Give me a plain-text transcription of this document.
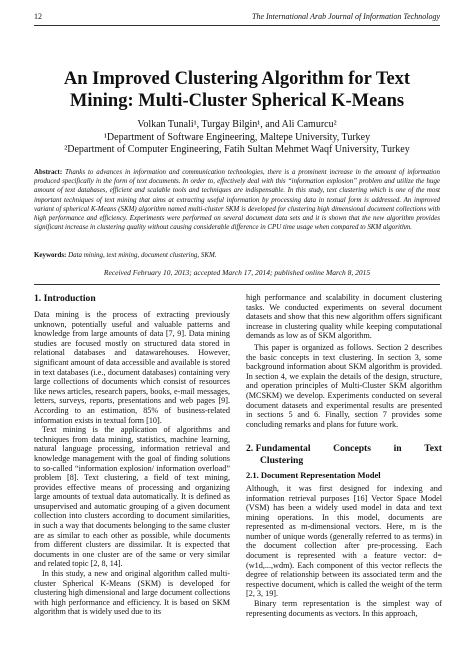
12	The International Arab Journal of Information Technology
An Improved Clustering Algorithm for Text
Mining: Multi-Cluster Spherical K-Means
Volkan Tunali¹, Turgay Bilgin¹, and Ali Camurcu²
¹Department of Software Engineering, Maltepe University, Turkey
²Department of Computer Engineering, Fatih Sultan Mehmet Waqf University, Turkey
Abstract: Thanks to advances in information and communication technologies, there is a prominent increase in the amount of information produced specifically in the form of text documents. In order to, effectively deal with this “information explosion” problem and utilize the huge amount of text databases, efficient and scalable tools and techniques are indispensable. In this study, text clustering which is one of the most important techniques of text mining that aims at extracting useful information by processing data in textual form is addressed. An improved variant of spherical K-Means (SKM) algorithm named multi-cluster SKM is developed for clustering high dimensional document collections with high performance and efficiency. Experiments were performed on several document data sets and it is shown that the new algorithm provides significant increase in clustering quality without causing considerable difference in CPU time usage when compared to SKM algorithm.
Keywords: Data mining, text mining, document clustering, SKM.
Received February 10, 2013; accepted March 17, 2014; published online March 8, 2015
1. Introduction

Data mining is the process of extracting previously unknown, potentially useful and valuable patterns and knowledge from large amounts of data [7, 9]. Data mining studies are focused mostly on structured data stored in relational databases and datawarehouses. However, significant amount of data accessible and available is stored in text databases (i.e., document databases) containing very large collections of documents which consist of resources like news articles, research papers, books, e-mail messages, letters, surveys, reports, presentations and web pages [9]. According to an estimation, 85% of business-related information exists in textual form [10].

Text mining is the application of algorithms and techniques from data mining, statistics, machine learning, natural language processing, information retrieval and knowledge management with the goal of finding solutions to so-called “information explosion/ information overload” problem [8]. Text clustering, a field of text mining, provides effective means of processing and organizing large amounts of textual data automatically. It is defined as unsupervised and automatic grouping of a given document collection into clusters according to document similarities, in such a way that documents belonging to the same cluster are as similar to each other as possible, while documents from different clusters are dissimilar. It is expected that documents in one cluster are of the same or very similar and related topic [2, 8, 14].

In this study, a new and original algorithm called multi-cluster Spherical K-Means (SKM) is developed for clustering high dimensional and large document collections with high performance and efficiency. It is based on SKM algorithm that is widely used due to its

high performance and scalability in document clustering tasks. We conducted experiments on several document datasets and show that this new algorithm offers significant increase in clustering quality while keeping computational demands as low as of SKM algorithm.

This paper is organized as follows. Section 2 describes the basic concepts in text clustering. In section 3, some background information about SKM algorithm is provided. In section 4, we explain the details of the design, structure, and operation principles of Multi-Cluster SKM algorithm (MCSKM) we develop. Experiments conducted on several document datasets and experimental results are presented in sections 5 and 6. Finally, section 7 provides some concluding remarks and plans for future work.

2. Fundamental Concepts in Text
Clustering
2.1. Document Representation Model

Although, it was first designed for indexing and information retrieval purposes [16] Vector Space Model (VSM) has been a widely used model in data and text mining operations. In this model, documents are represented as m-dimensional vectors. Here, m is the number of unique words (generally referred to as terms) in the document collection after pre-processing. Each document is represented with a feature vector: d=(w1d,...,wdm). Each component of this vector reflects the degree of relationship between its associated term and the respective document, which is called the weight of the term [2, 3, 19].

Binary term representation is the simplest way of representing documents as vectors. In this approach,
